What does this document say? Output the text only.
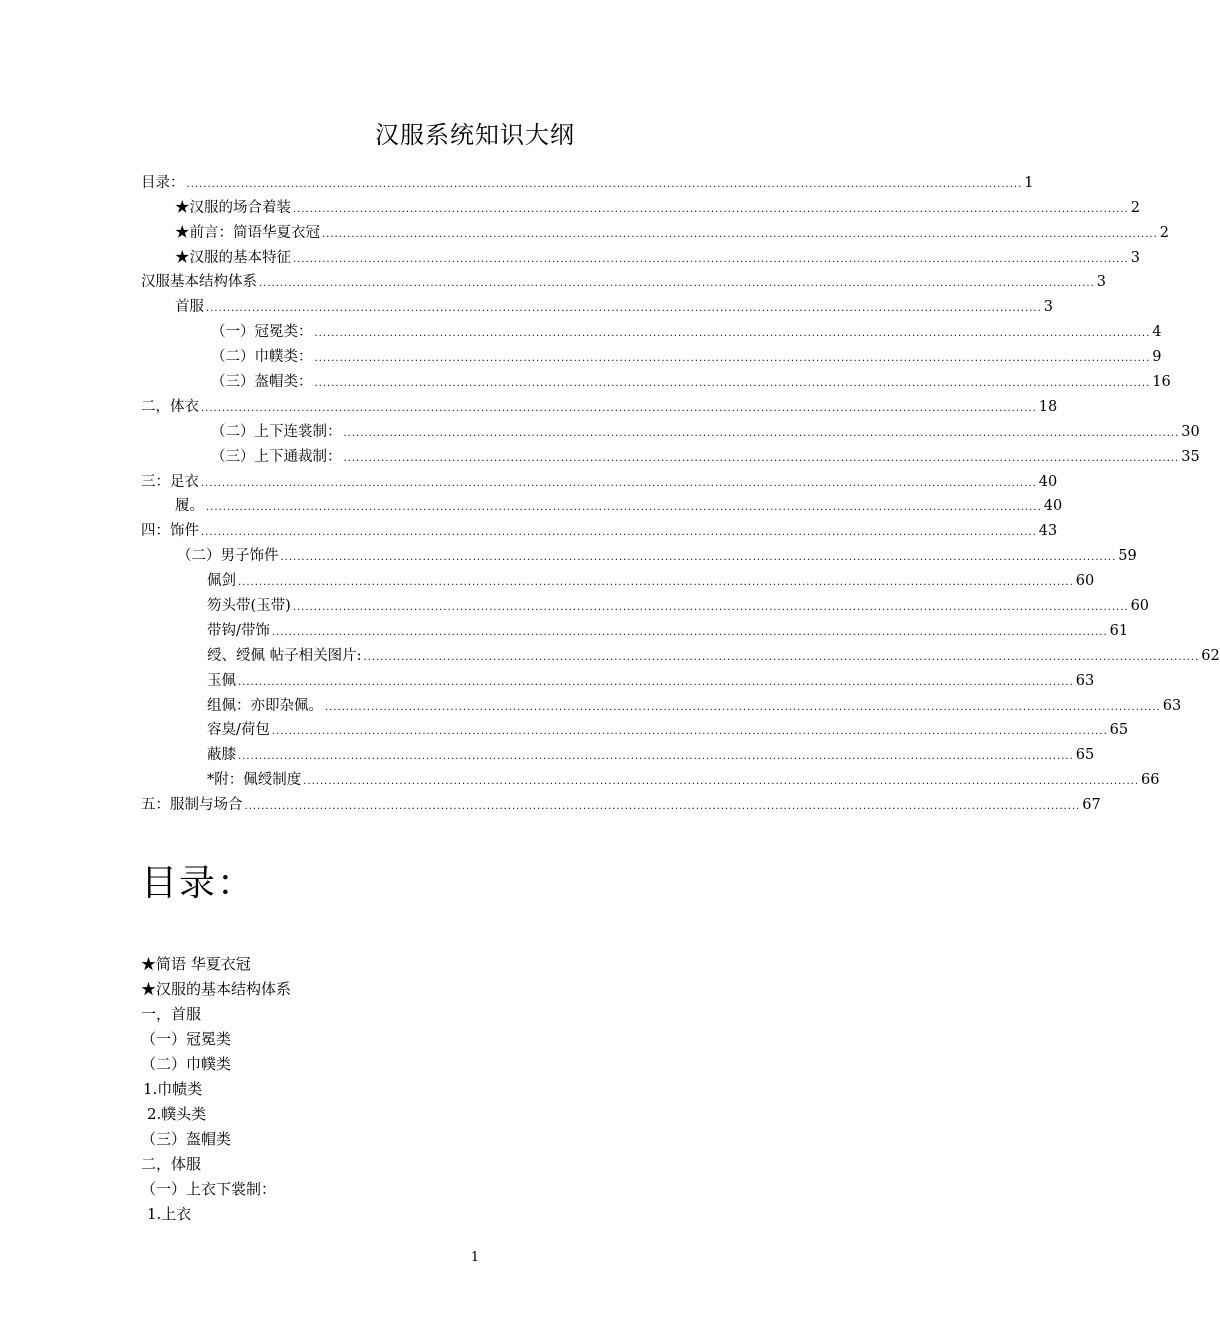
汉服系统知识大纲
目录： ........................................................................................................................................................................................................ 1
★汉服的场合着装 ........................................................................................................................................................................................................ 2
★前言：简语华夏衣冠 ........................................................................................................................................................................................................ 2
★汉服的基本特征 ........................................................................................................................................................................................................ 3
汉服基本结构体系 ........................................................................................................................................................................................................ 3
首服 ........................................................................................................................................................................................................ 3
（一）冠冕类： ........................................................................................................................................................................................................ 4
（二）巾幞类： ........................................................................................................................................................................................................ 9
（三）盔帽类： ........................................................................................................................................................................................................ 16
二，体衣 ........................................................................................................................................................................................................ 18
（二）上下连裳制： ........................................................................................................................................................................................................ 30
（三）上下通裁制： ........................................................................................................................................................................................................ 35
三：足衣 ........................................................................................................................................................................................................ 40
履。 ........................................................................................................................................................................................................ 40
四：饰件 ........................................................................................................................................................................................................ 43
（二）男子饰件 ........................................................................................................................................................................................................ 59
佩剑 ........................................................................................................................................................................................................ 60
笏头带(玉带) ........................................................................................................................................................................................................ 60
带钩/带饰 ........................................................................................................................................................................................................ 61
绶、绶佩 帖子相关图片: ........................................................................................................................................................................................................ 62
玉佩 ........................................................................................................................................................................................................ 63
组佩：亦即杂佩。 ........................................................................................................................................................................................................ 63
容臭/荷包 ........................................................................................................................................................................................................ 65
蔽膝 ........................................................................................................................................................................................................ 65
*附：佩绶制度 ........................................................................................................................................................................................................ 66
五：服制与场合 ........................................................................................................................................................................................................ 67
目录：
★简语 华夏衣冠
★汉服的基本结构体系
一，首服
（一）冠冕类
（二）巾幞类
1.巾帻类
2.幞头类
（三）盔帽类
二，体服
（一）上衣下裳制：
1.上衣
1
